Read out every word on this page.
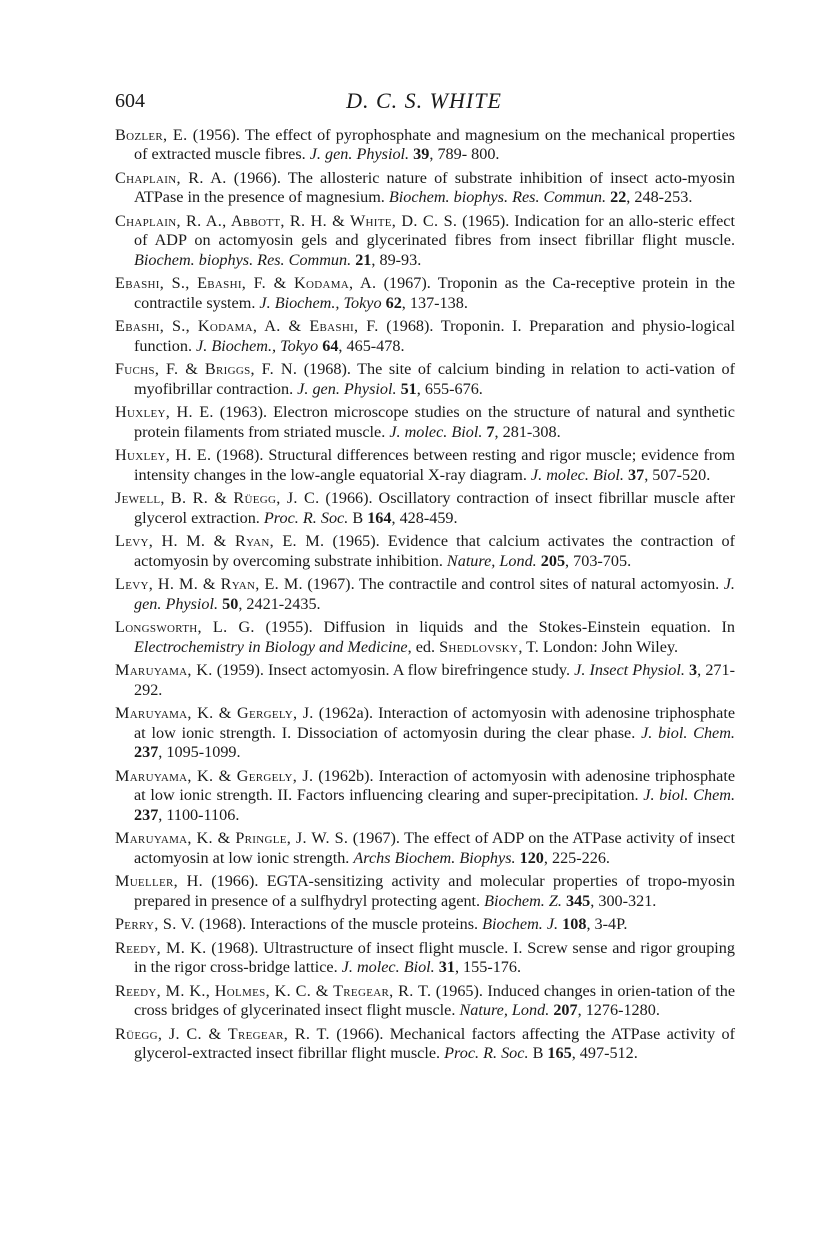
604	D. C. S. WHITE

Bozler, E. (1956). The effect of pyrophosphate and magnesium on the mechanical properties of extracted muscle fibres. J. gen. Physiol. 39, 789- 800.

Chaplain, R. A. (1966). The allosteric nature of substrate inhibition of insect acto-myosin ATPase in the presence of magnesium. Biochem. biophys. Res. Commun. 22, 248-253.

Chaplain, R. A., Abbott, R. H. & White, D. C. S. (1965). Indication for an allo-steric effect of ADP on actomyosin gels and glycerinated fibres from insect fibrillar flight muscle. Biochem. biophys. Res. Commun. 21, 89-93.

Ebashi, S., Ebashi, F. & Kodama, A. (1967). Troponin as the Ca-receptive protein in the contractile system. J. Biochem., Tokyo 62, 137-138.

Ebashi, S., Kodama, A. & Ebashi, F. (1968). Troponin. I. Preparation and physio-logical function. J. Biochem., Tokyo 64, 465-478.

Fuchs, F. & Briggs, F. N. (1968). The site of calcium binding in relation to acti-vation of myofibrillar contraction. J. gen. Physiol. 51, 655-676.

Huxley, H. E. (1963). Electron microscope studies on the structure of natural and synthetic protein filaments from striated muscle. J. molec. Biol. 7, 281-308.

Huxley, H. E. (1968). Structural differences between resting and rigor muscle; evidence from intensity changes in the low-angle equatorial X-ray diagram. J. molec. Biol. 37, 507-520.

Jewell, B. R. & Rüegg, J. C. (1966). Oscillatory contraction of insect fibrillar muscle after glycerol extraction. Proc. R. Soc. B 164, 428-459.

Levy, H. M. & Ryan, E. M. (1965). Evidence that calcium activates the contraction of actomyosin by overcoming substrate inhibition. Nature, Lond. 205, 703-705.

Levy, H. M. & Ryan, E. M. (1967). The contractile and control sites of natural actomyosin. J. gen. Physiol. 50, 2421-2435.

Longsworth, L. G. (1955). Diffusion in liquids and the Stokes-Einstein equation. In Electrochemistry in Biology and Medicine, ed. Shedlovsky, T. London: John Wiley.

Maruyama, K. (1959). Insect actomyosin. A flow birefringence study. J. Insect Physiol. 3, 271-292.

Maruyama, K. & Gergely, J. (1962a). Interaction of actomyosin with adenosine triphosphate at low ionic strength. I. Dissociation of actomyosin during the clear phase. J. biol. Chem. 237, 1095-1099.

Maruyama, K. & Gergely, J. (1962b). Interaction of actomyosin with adenosine triphosphate at low ionic strength. II. Factors influencing clearing and super-precipitation. J. biol. Chem. 237, 1100-1106.

Maruyama, K. & Pringle, J. W. S. (1967). The effect of ADP on the ATPase activity of insect actomyosin at low ionic strength. Archs Biochem. Biophys. 120, 225-226.

Mueller, H. (1966). EGTA-sensitizing activity and molecular properties of tropo-myosin prepared in presence of a sulfhydryl protecting agent. Biochem. Z. 345, 300-321.

Perry, S. V. (1968). Interactions of the muscle proteins. Biochem. J. 108, 3-4P.

Reedy, M. K. (1968). Ultrastructure of insect flight muscle. I. Screw sense and rigor grouping in the rigor cross-bridge lattice. J. molec. Biol. 31, 155-176.

Reedy, M. K., Holmes, K. C. & Tregear, R. T. (1965). Induced changes in orien-tation of the cross bridges of glycerinated insect flight muscle. Nature, Lond. 207, 1276-1280.

Rüegg, J. C. & Tregear, R. T. (1966). Mechanical factors affecting the ATPase activity of glycerol-extracted insect fibrillar flight muscle. Proc. R. Soc. B 165, 497-512.
